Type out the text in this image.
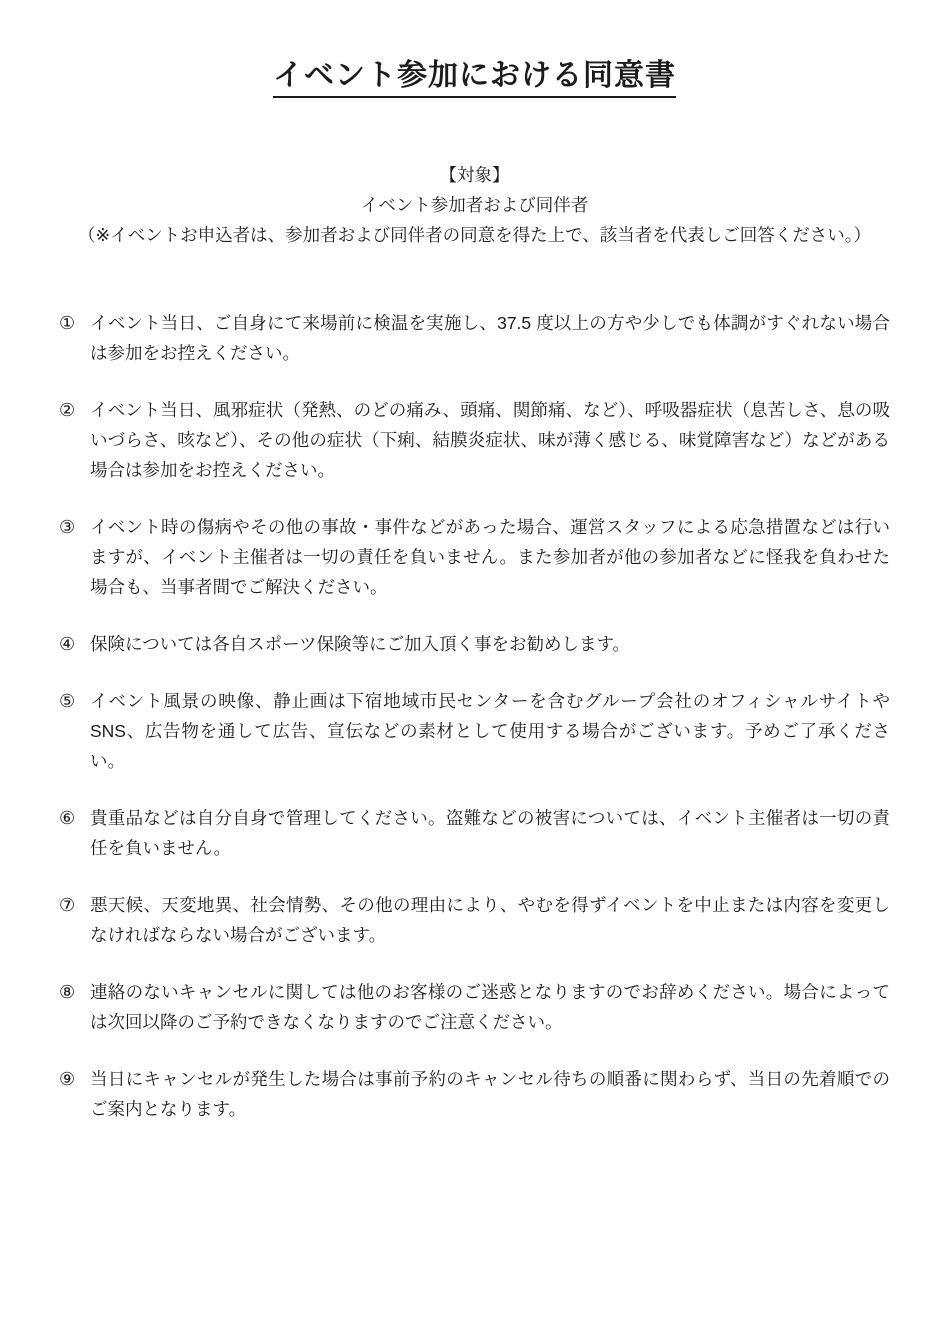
イベント参加における同意書
【対象】
イベント参加者および同伴者
（※イベントお申込者は、参加者および同伴者の同意を得た上で、該当者を代表しご回答ください。）
① イベント当日、ご自身にて来場前に検温を実施し、37.5 度以上の方や少しでも体調がすぐれない場合は参加をお控えください。
② イベント当日、風邪症状（発熱、のどの痛み、頭痛、関節痛、など）、呼吸器症状（息苦しさ、息の吸いづらさ、咳など）、その他の症状（下痢、結膜炎症状、味が薄く感じる、味覚障害など）などがある場合は参加をお控えください。
③ イベント時の傷病やその他の事故・事件などがあった場合、運営スタッフによる応急措置などは行いますが、イベント主催者は一切の責任を負いません。また参加者が他の参加者などに怪我を負わせた場合も、当事者間でご解決ください。
④ 保険については各自スポーツ保険等にご加入頂く事をお勧めします。
⑤ イベント風景の映像、静止画は下宿地域市民センターを含むグループ会社のオフィシャルサイトやSNS、広告物を通して広告、宣伝などの素材として使用する場合がございます。予めご了承ください。
⑥ 貴重品などは自分自身で管理してください。盗難などの被害については、イベント主催者は一切の責任を負いません。
⑦ 悪天候、天変地異、社会情勢、その他の理由により、やむを得ずイベントを中止または内容を変更しなければならない場合がございます。
⑧ 連絡のないキャンセルに関しては他のお客様のご迷惑となりますのでお辞めください。場合によっては次回以降のご予約できなくなりますのでご注意ください。
⑨ 当日にキャンセルが発生した場合は事前予約のキャンセル待ちの順番に関わらず、当日の先着順でのご案内となります。
